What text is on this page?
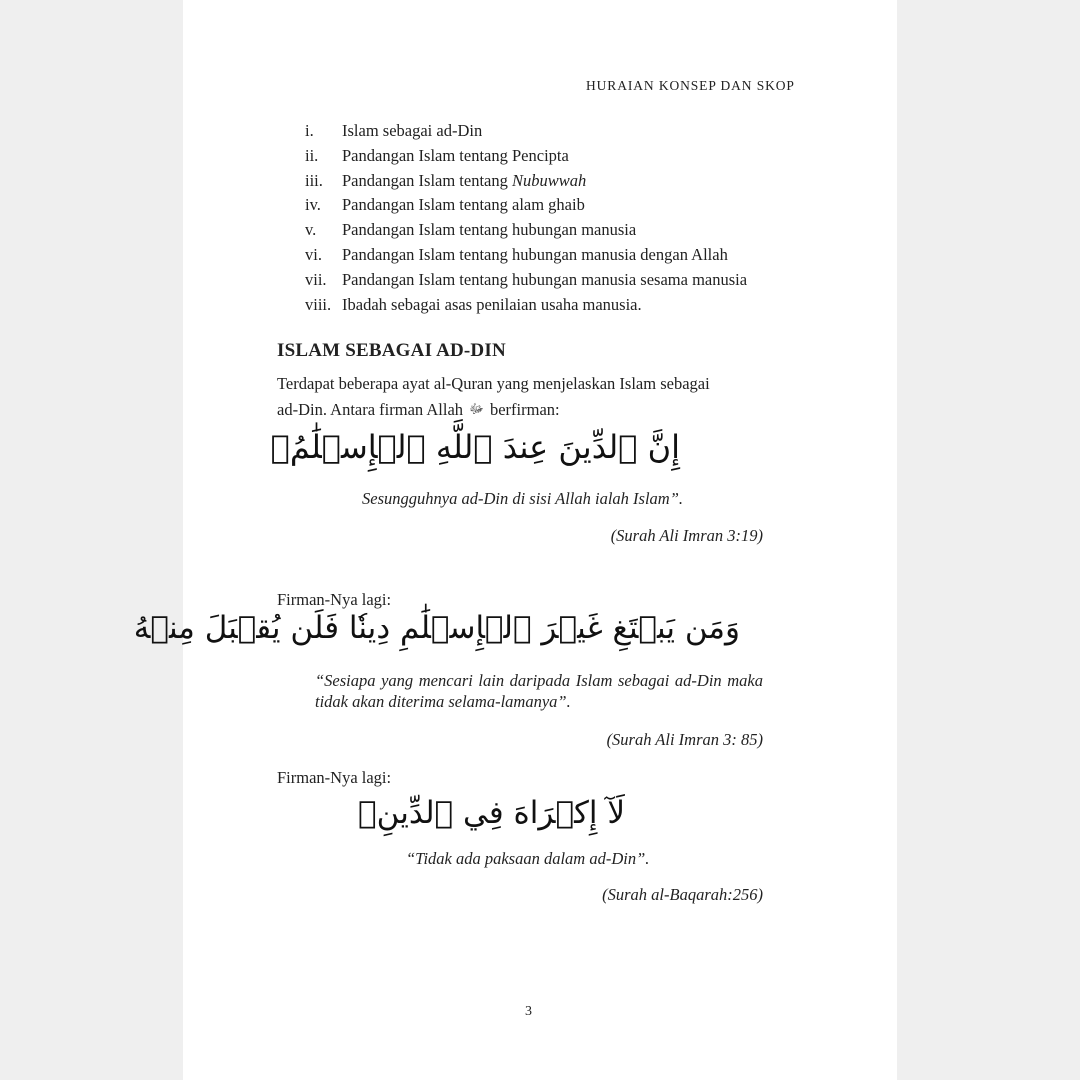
HURAIAN KONSEP DAN SKOP
i. Islam sebagai ad-Din
ii. Pandangan Islam tentang Pencipta
iii. Pandangan Islam tentang Nubuwwah
iv. Pandangan Islam tentang alam ghaib
v. Pandangan Islam tentang hubungan manusia
vi. Pandangan Islam tentang hubungan manusia dengan Allah
vii. Pandangan Islam tentang hubungan manusia sesama manusia
viii. Ibadah sebagai asas penilaian usaha manusia.
ISLAM SEBAGAI AD-DIN

Terdapat beberapa ayat al-Quran yang menjelaskan Islam sebagai
ad-Din. Antara firman Allah ﷻ berfirman:

إِنَّ ٱلدِّينَ عِندَ ٱللَّهِ ٱلۡإِسۡلَٰمُۗ

Sesungguhnya ad-Din di sisi Allah ialah Islam”.

(Surah Ali Imran 3:19)

Firman-Nya lagi:

وَمَن يَبۡتَغِ غَيۡرَ ٱلۡإِسۡلَٰمِ دِينٗا فَلَن يُقۡبَلَ مِنۡهُ

“Sesiapa yang mencari lain daripada Islam sebagai ad-Din maka tidak akan diterima selama-lamanya”.

(Surah Ali Imran 3: 85)

Firman-Nya lagi:

لَآ إِكۡرَاهَ فِي ٱلدِّينِۖ

“Tidak ada paksaan dalam ad-Din”.

(Surah al-Baqarah:256)

3
